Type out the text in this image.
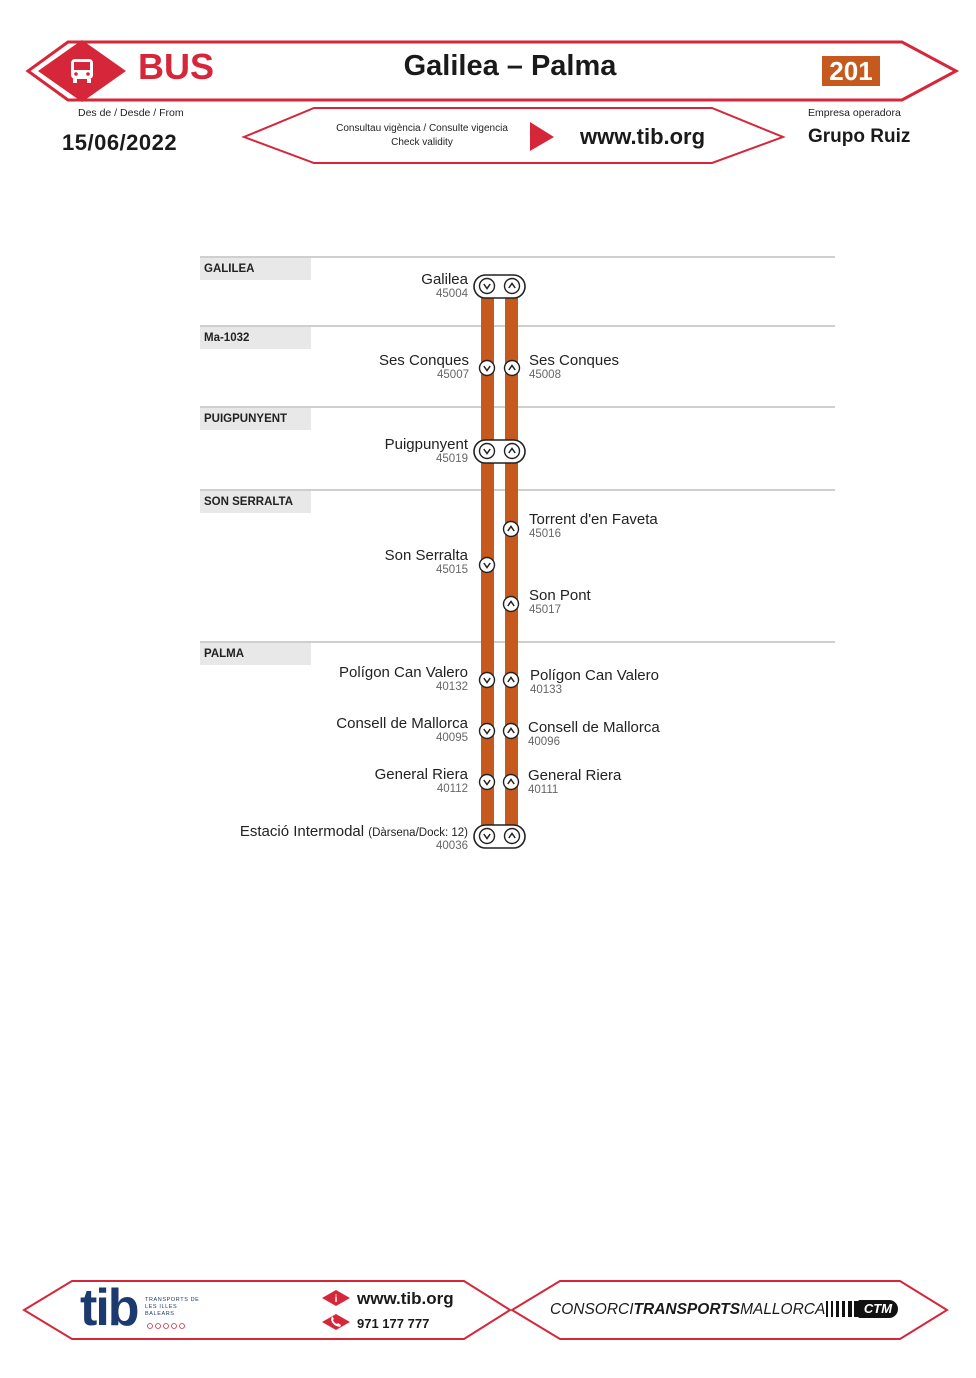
i
BUS	Galilea – Palma	201
Des de / Desde / From
15/06/2022
Consultau vigència / Consulte vigencia
Check validity	www.tib.org
Empresa operadora
Grupo Ruiz
GALILEA
Ma-1032
PUIGPUNYENT
SON SERRALTA
PALMA
Galilea
45004
Ses Conques
45007
Puigpunyent
45019
Son Serralta
45015
Polígon Can Valero
40132
Consell de Mallorca
40095
General Riera
40112
Estació Intermodal (Dàrsena/Dock: 12)
40036
Ses Conques
45008
Torrent d'en Faveta
45016
Son Pont
45017
Polígon Can Valero
40133
Consell de Mallorca
40096
General Riera
40111
tib TRANSPORTS DE LES ILLES BALEARS
www.tib.org
971 177 777
CONSORCITRANSPORTSMALLORCA	CTM
